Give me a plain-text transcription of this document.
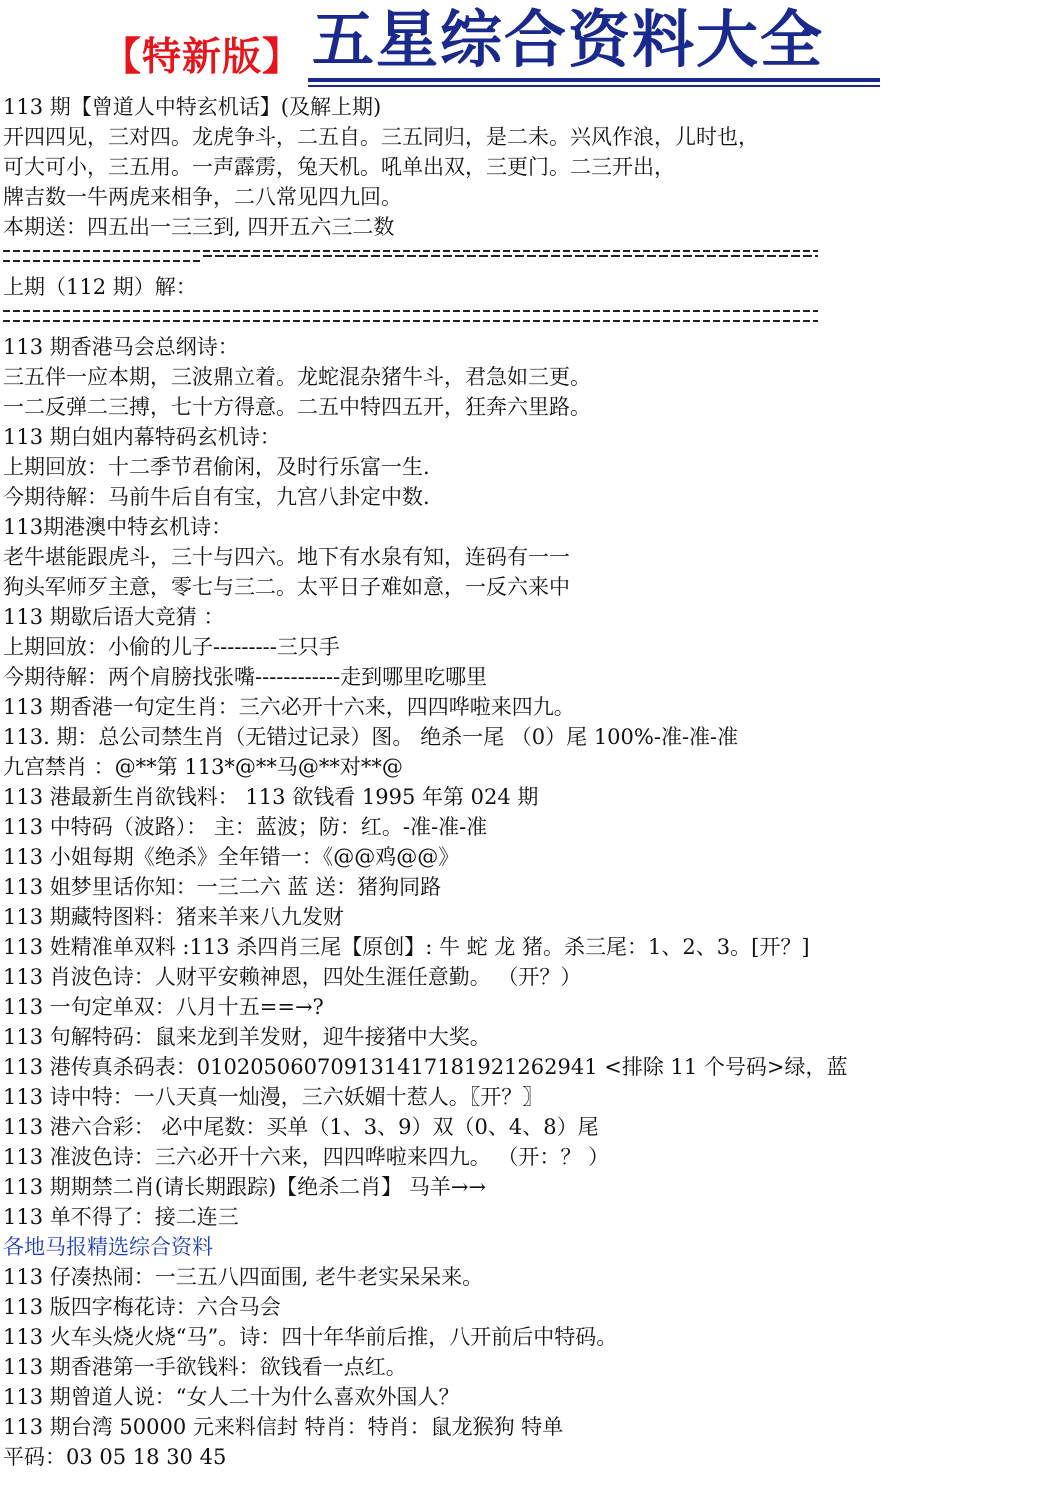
【特新版】 五星综合资料大全
113 期【曾道人中特玄机话】(及解上期)
开四四见，三对四。龙虎争斗，二五自。三五同归，是二未。兴风作浪，儿时也，
可大可小，三五用。一声霹雳，兔天机。吼单出双，三更门。二三开出，
牌吉数一牛两虎来相争，二八常见四九回。
本期送：四五出一三三到, 四开五六三二数
上期（112 期）解：
113 期香港马会总纲诗：
三五伴一应本期，三波鼎立着。龙蛇混杂猪牛斗，君急如三更。
一二反弹二三搏，七十方得意。二五中特四五开，狂奔六里路。
113 期白姐内幕特码玄机诗：
上期回放：十二季节君偷闲，及时行乐富一生.
今期待解：马前牛后自有宝，九宫八卦定中数.
113期港澳中特玄机诗：
老牛堪能跟虎斗，三十与四六。地下有水泉有知，连码有一一
狗头军师歹主意，零七与三二。太平日子难如意，一反六来中
113 期歇后语大竞猜 ：
上期回放：小偷的儿子---------三只手
今期待解：两个肩膀找张嘴------------走到哪里吃哪里
113 期香港一句定生肖：三六必开十六来，四四哗啦来四九。
113. 期：总公司禁生肖（无错过记录）图。 绝杀一尾 （0）尾 100%-准-准-准
九宫禁肖 ：@**第 113*@**马@**对**@
113 港最新生肖欲钱料： 113 欲钱看 1995 年第 024 期
113 中特码（波路）： 主：蓝波；防：红。-准-准-准
113 小姐每期《绝杀》全年错一：《@@鸡@@》
113 姐梦里话你知：一三二六 蓝 送：猪狗同路
113 期藏特图料：猪来羊来八九发财
113 姓精准单双料 :113 杀四肖三尾【原创】: 牛 蛇 龙 猪。杀三尾：1、2、3。[开？]
113 肖波色诗：人财平安赖神恩，四处生涯任意勤。 （开？）
113 一句定单双：八月十五==→?
113 句解特码：鼠来龙到羊发财，迎牛接猪中大奖。
113 港传真杀码表：01020506070913141718192126​2941 <排除 11 个号码>绿，蓝
113 诗中特：一八天真一灿漫，三六妖媚十惹人。〖开？〗
113 港六合彩： 必中尾数：买单（1、3、9）双（0、4、8）尾
113 准波色诗：三六必开十六来，四四哗啦来四九。 （开：？ ）
113 期期禁二肖(请长期跟踪)【绝杀二肖】 马羊→→
113 单不得了：接二连三
各地马报精选综合资料
113 仔凑热闹：一三五八四面围, 老牛老实呆呆来。
113 版四字梅花诗：六合马会
113 火车头烧火烧“马”。诗：四十年华前后推，八开前后中特码。
113 期香港第一手欲钱料：欲钱看一点红。
113 期曾道人说：“女人二十为什么喜欢外国人？
113 期台湾 50000 元来料信封 特肖：特肖：鼠龙猴狗 特单
平码：03 05 18 30 45
